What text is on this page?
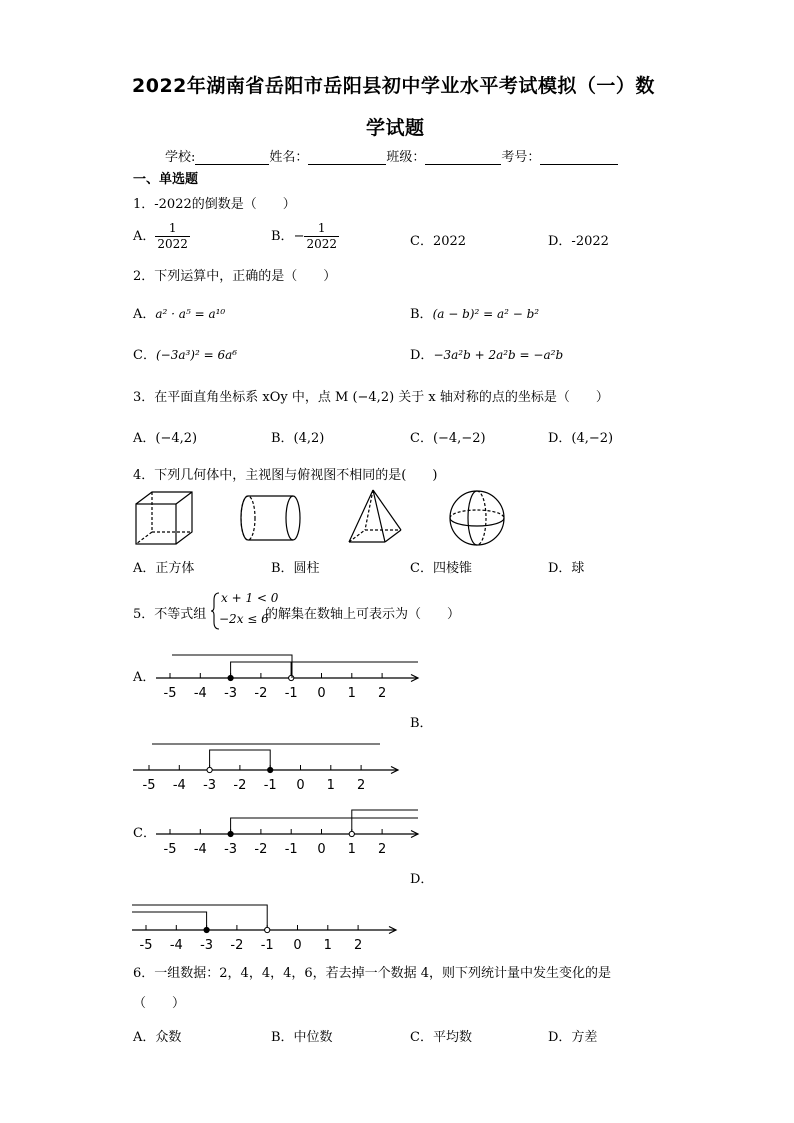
2022年湖南省岳阳市岳阳县初中学业水平考试模拟（一）数
学试题
学校:	姓名：	班级：	考号：
一、单选题
1．-2022的倒数是（　　）
A． $\frac{1}{2022}$	B．− $\frac{1}{2022}$	C．2022	D．-2022
2．下列运算中，正确的是（　　）
A．a² · a⁵ = a¹⁰	B．(a − b)² = a² − b²
C．(−3a³)² = 6a⁶	D．−3a²b + 2a²b = −a²b
3．在平面直角坐标系 xOy 中，点 M (−4,2) 关于 x 轴对称的点的坐标是（　　）
A．(−4,2)	B．(4,2)	C．(−4,−2)	D．(4,−2)
4．下列几何体中，主视图与俯视图不相同的是(　　)
A．正方体	B．圆柱	C．四棱锥	D．球
5．不等式组
x + 1 < 0
−2x ≤ 6
的解集在数轴上可表示为（　　）
A．
-5 -4 -3 -2 -1 0 1 2
B．
-5 -4 -3 -2 -1 0 1 2
C．
-5 -4 -3 -2 -1 0 1 2
D．
-5 -4 -3 -2 -1 0 1 2
6．一组数据：2，4，4，4，6，若去掉一个数据 4，则下列统计量中发生变化的是
（　　）
A．众数	B．中位数	C．平均数	D．方差
